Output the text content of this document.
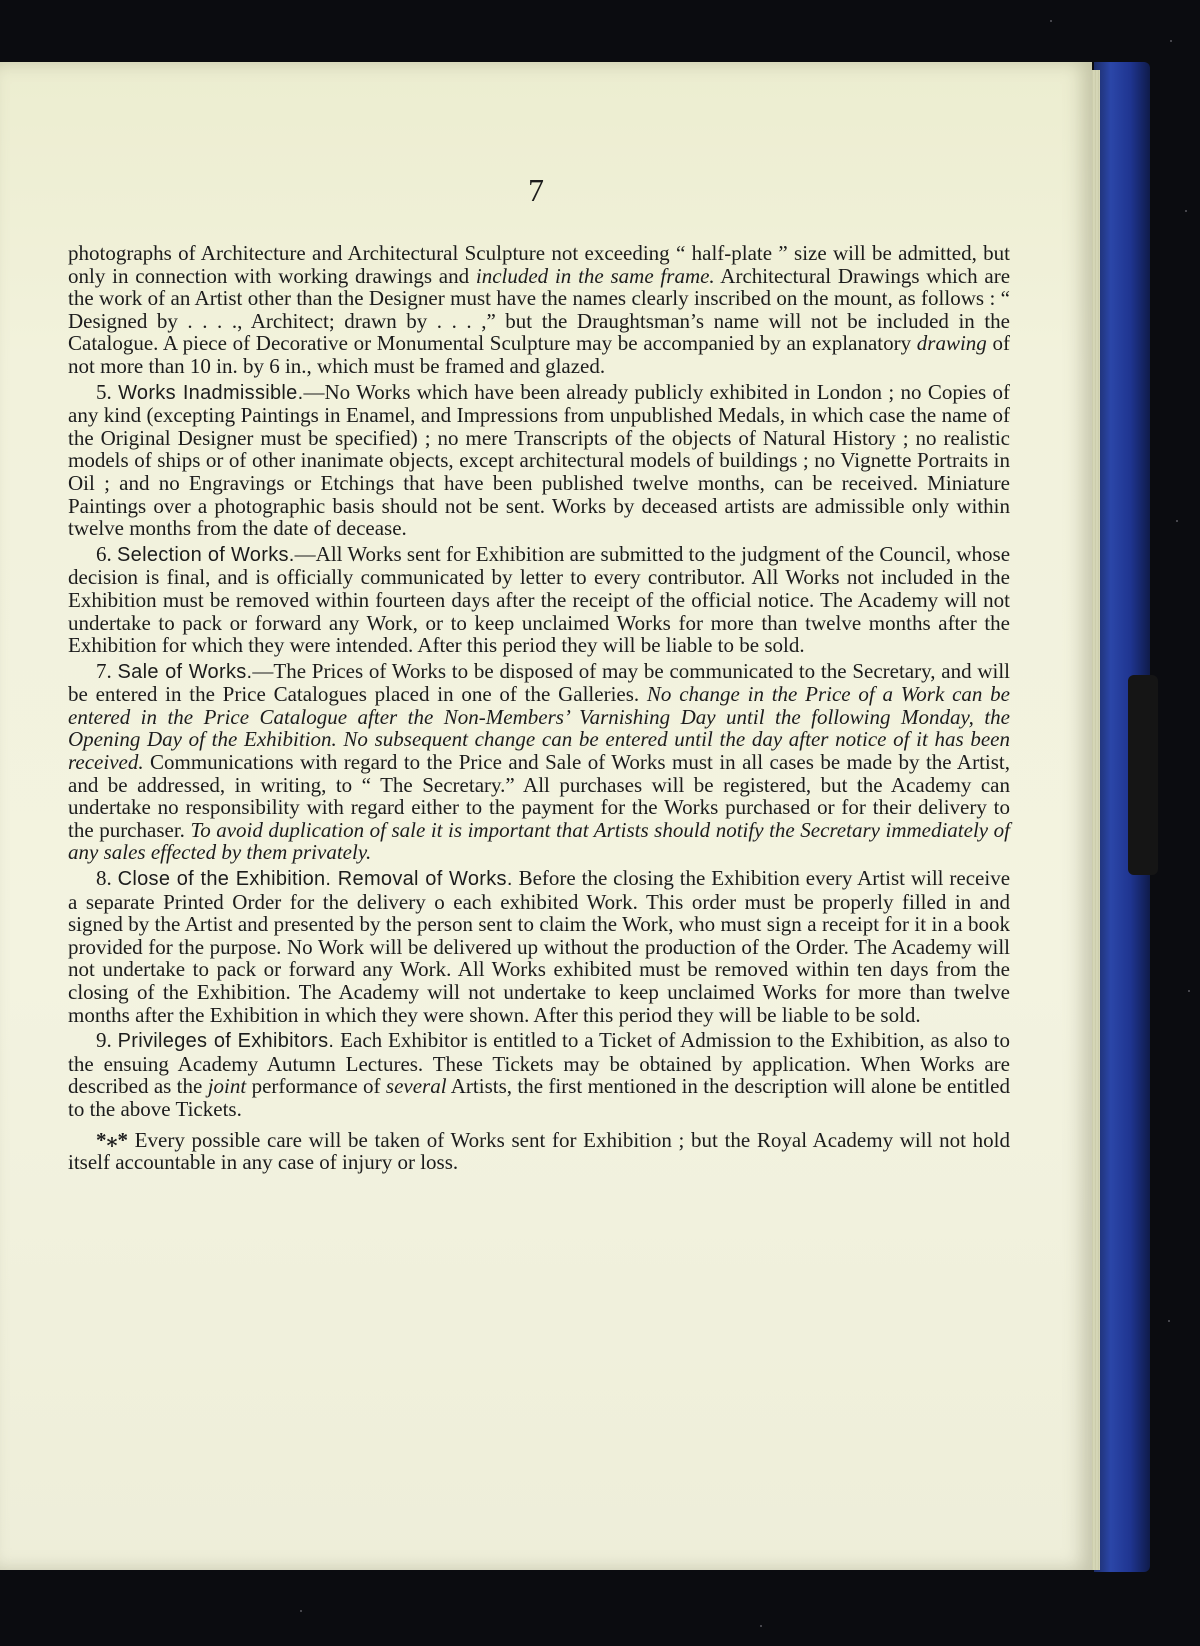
7

photographs of Architecture and Architectural Sculpture not exceeding “ half-plate ” size will be admitted, but only in connection with working drawings and included in the same frame. Architectural Drawings which are the work of an Artist other than the Designer must have the names clearly inscribed on the mount, as follows : “ Designed by . . . ., Architect; drawn by . . . ,” but the Draughtsman’s name will not be included in the Catalogue. A piece of Decorative or Monumental Sculpture may be accompanied by an explanatory drawing of not more than 10 in. by 6 in., which must be framed and glazed.

5. Works Inadmissible.—No Works which have been already publicly exhibited in London ; no Copies of any kind (excepting Paintings in Enamel, and Impressions from unpublished Medals, in which case the name of the Original Designer must be specified) ; no mere Transcripts of the objects of Natural History ; no realistic models of ships or of other inanimate objects, except architectural models of buildings ; no Vignette Portraits in Oil ; and no Engravings or Etchings that have been published twelve months, can be received. Miniature Paintings over a photographic basis should not be sent. Works by deceased artists are admissible only within twelve months from the date of decease.

6. Selection of Works.—All Works sent for Exhibition are submitted to the judgment of the Council, whose decision is final, and is officially communicated by letter to every contributor. All Works not included in the Exhibition must be removed within fourteen days after the receipt of the official notice. The Academy will not undertake to pack or forward any Work, or to keep unclaimed Works for more than twelve months after the Exhibition for which they were intended. After this period they will be liable to be sold.

7. Sale of Works.—The Prices of Works to be disposed of may be communicated to the Secretary, and will be entered in the Price Catalogues placed in one of the Galleries. No change in the Price of a Work can be entered in the Price Catalogue after the Non-Members’ Varnishing Day until the following Monday, the Opening Day of the Exhibition. No subsequent change can be entered until the day after notice of it has been received. Communications with regard to the Price and Sale of Works must in all cases be made by the Artist, and be addressed, in writing, to “ The Secretary.” All purchases will be registered, but the Academy can undertake no responsibility with regard either to the payment for the Works purchased or for their delivery to the purchaser. To avoid duplication of sale it is important that Artists should notify the Secretary immediately of any sales effected by them privately.

8. Close of the Exhibition. Removal of Works. Before the closing the Exhibition every Artist will receive a separate Printed Order for the delivery o each exhibited Work. This order must be properly filled in and signed by the Artist and presented by the person sent to claim the Work, who must sign a receipt for it in a book provided for the purpose. No Work will be delivered up without the production of the Order. The Academy will not undertake to pack or forward any Work. All Works exhibited must be removed within ten days from the closing of the Exhibition. The Academy will not undertake to keep unclaimed Works for more than twelve months after the Exhibition in which they were shown. After this period they will be liable to be sold.

9. Privileges of Exhibitors. Each Exhibitor is entitled to a Ticket of Admission to the Exhibition, as also to the ensuing Academy Autumn Lectures. These Tickets may be obtained by application. When Works are described as the joint performance of several Artists, the first mentioned in the description will alone be entitled to the above Tickets.

*⁎* Every possible care will be taken of Works sent for Exhibition ; but the Royal Academy will not hold itself accountable in any case of injury or loss.
